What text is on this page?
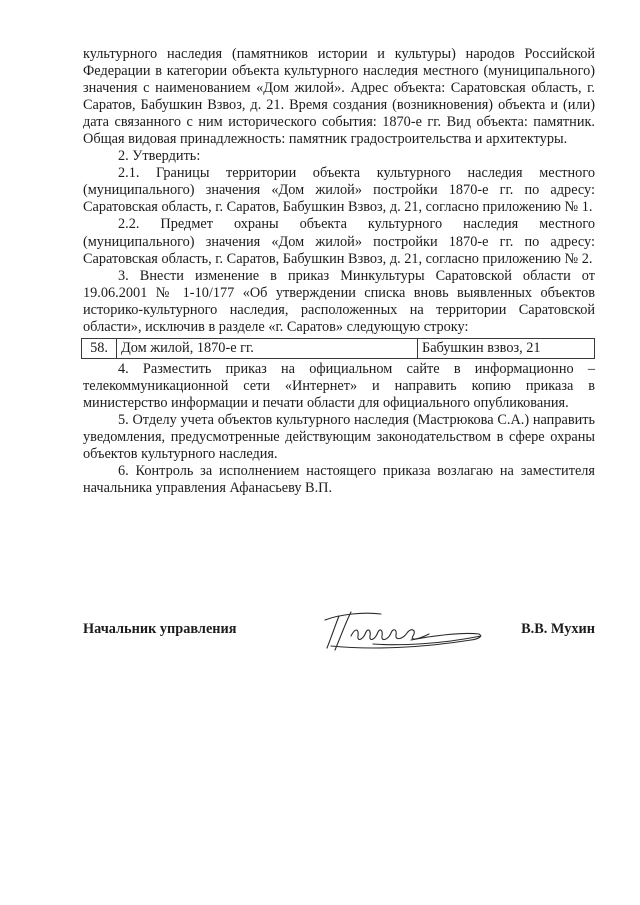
культурного наследия (памятников истории и культуры) народов Российской Федерации в категории объекта культурного наследия местного (муниципального) значения с наименованием «Дом жилой». Адрес объекта: Саратовская область, г. Саратов, Бабушкин Взвоз, д. 21. Время создания (возникновения) объекта и (или) дата связанного с ним исторического события: 1870-е гг. Вид объекта: памятник. Общая видовая принадлежность: памятник градостроительства и архитектуры.

2. Утвердить:

2.1. Границы территории объекта культурного наследия местного (муниципального) значения «Дом жилой» постройки 1870-е гг. по адресу: Саратовская область, г. Саратов, Бабушкин Взвоз, д. 21, согласно приложению № 1.

2.2. Предмет охраны объекта культурного наследия местного (муниципального) значения «Дом жилой» постройки 1870-е гг. по адресу: Саратовская область, г. Саратов, Бабушкин Взвоз, д. 21, согласно приложению № 2.

3. Внести изменение в приказ Минкультуры Саратовской области от 19.06.2001 № 1-10/177 «Об утверждении списка вновь выявленных объектов историко-культурного наследия, расположенных на территории Саратовской области», исключив в разделе «г. Саратов» следующую строку:

58.	Дом жилой, 1870-е гг.	Бабушкин взвоз, 21

4. Разместить приказ на официальном сайте в информационно – телекоммуникационной сети «Интернет» и направить копию приказа в министерство информации и печати области для официального опубликования.

5. Отделу учета объектов культурного наследия (Мастрюкова С.А.) направить уведомления, предусмотренные действующим законодательством в сфере охраны объектов культурного наследия.

6. Контроль за исполнением настоящего приказа возлагаю на заместителя начальника управления Афанасьеву В.П.

Начальник управления	В.В. Мухин
